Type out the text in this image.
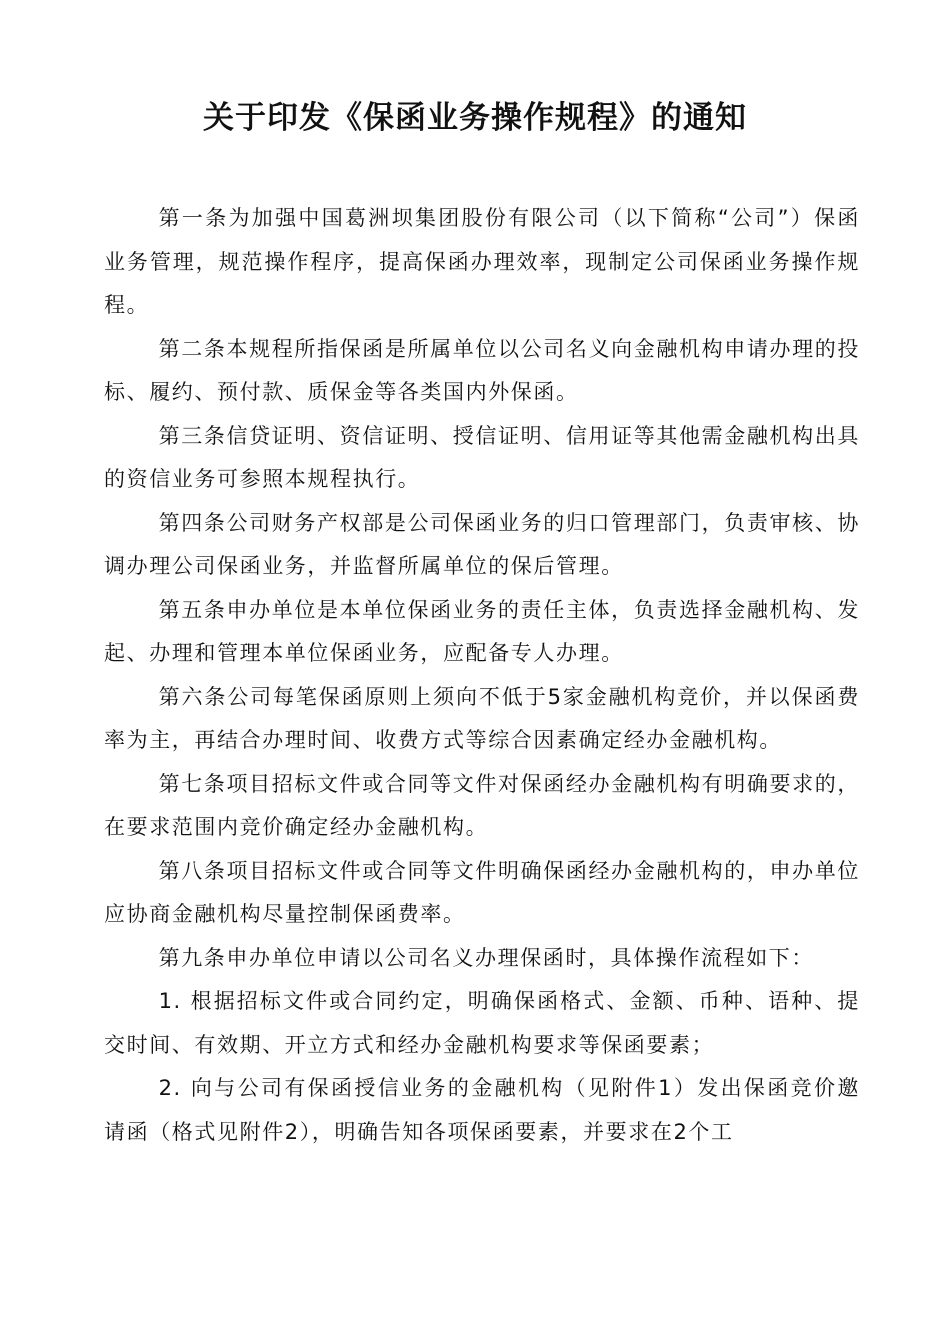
关于印发《保函业务操作规程》的通知

第一条为加强中国葛洲坝集团股份有限公司（以下简称“公司”）保函业务管理，规范操作程序，提高保函办理效率，现制定公司保函业务操作规程。

第二条本规程所指保函是所属单位以公司名义向金融机构申请办理的投标、履约、预付款、质保金等各类国内外保函。

第三条信贷证明、资信证明、授信证明、信用证等其他需金融机构出具的资信业务可参照本规程执行。

第四条公司财务产权部是公司保函业务的归口管理部门，负责审核、协调办理公司保函业务，并监督所属单位的保后管理。

第五条申办单位是本单位保函业务的责任主体，负责选择金融机构、发起、办理和管理本单位保函业务，应配备专人办理。

第六条公司每笔保函原则上须向不低于5家金融机构竞价，并以保函费率为主，再结合办理时间、收费方式等综合因素确定经办金融机构。

第七条项目招标文件或合同等文件对保函经办金融机构有明确要求的，在要求范围内竞价确定经办金融机构。

第八条项目招标文件或合同等文件明确保函经办金融机构的，申办单位应协商金融机构尽量控制保函费率。

第九条申办单位申请以公司名义办理保函时，具体操作流程如下：

1. 根据招标文件或合同约定，明确保函格式、金额、币种、语种、提交时间、有效期、开立方式和经办金融机构要求等保函要素；

2. 向与公司有保函授信业务的金融机构（见附件1）发出保函竞价邀请函（格式见附件2），明确告知各项保函要素，并要求在2个工
